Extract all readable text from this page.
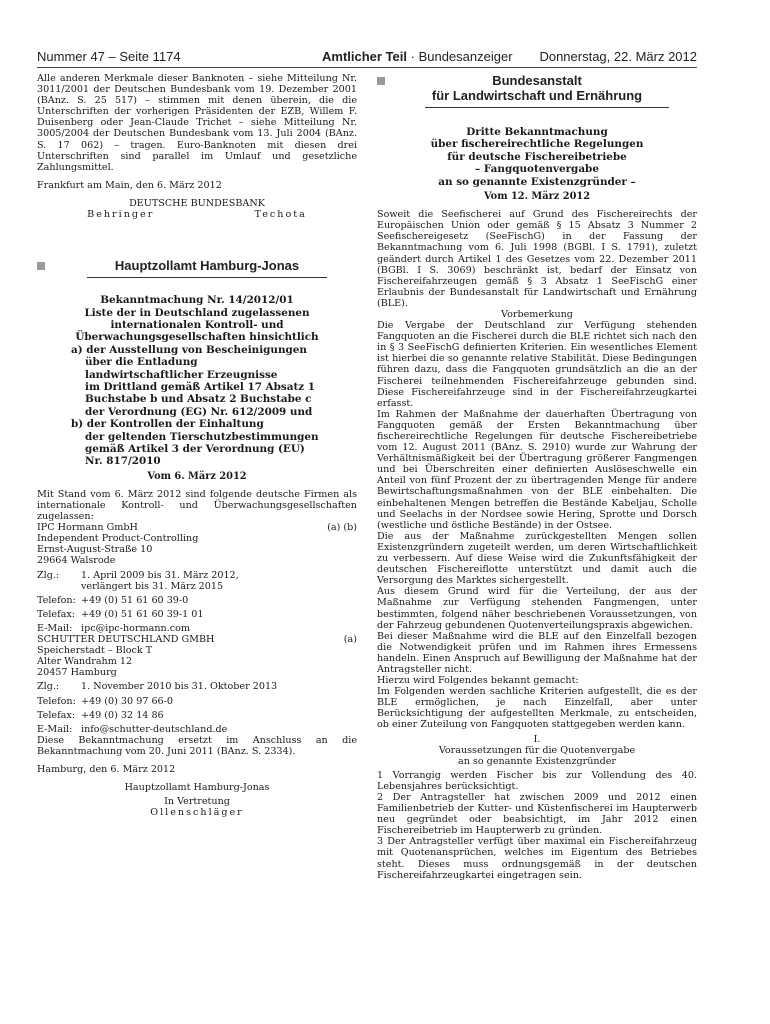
Nummer 47 – Seite 1174	Amtlicher Teil · Bundesanzeiger Donnerstag, 22. März 2012

Alle anderen Merkmale dieser Banknoten – siehe Mitteilung Nr. 3011/2001 der Deutschen Bundesbank vom 19. Dezember 2001 (BAnz. S. 25 517) – stimmen mit denen überein, die die Unterschriften der vorherigen Präsidenten der EZB, Willem F. Duisenberg oder Jean-Claude Trichet – siehe Mitteilung Nr. 3005/2004 der Deutschen Bundesbank vom 13. Juli 2004 (BAnz. S. 17 062) – tragen. Euro-Banknoten mit diesen drei Unterschriften sind parallel im Umlauf und gesetzliche Zahlungsmittel.

Frankfurt am Main, den 6. März 2012

DEUTSCHE BUNDESBANK

Behringer	Techota
Hauptzollamt Hamburg-Jonas
Bekanntmachung Nr. 14/2012/01
Liste der in Deutschland zugelassenen
internationalen Kontroll- und
Überwachungsgesellschaften hinsichtlich
a) der Ausstellung von Bescheinigungen
über die Entladung
landwirtschaftlicher Erzeugnisse
im Drittland gemäß Artikel 17 Absatz 1
Buchstabe b und Absatz 2 Buchstabe c
der Verordnung (EG) Nr. 612/2009 und
b) der Kontrollen der Einhaltung
der geltenden Tierschutzbestimmungen
gemäß Artikel 3 der Verordnung (EU)
Nr. 817/2010

Vom 6. März 2012

Mit Stand vom 6. März 2012 sind folgende deutsche Firmen als internationale Kontroll- und Überwachungsgesellschaften zugelassen:

IPC Hormann GmbH	(a) (b)
Independent Product-Controlling
Ernst-August-Straße 10
29664 Walsrode
Zlg.:	1. April 2009 bis 31. März 2012,
verlängert bis 31. März 2015
Telefon: +49 (0) 51 61 60 39-0
Telefax: +49 (0) 51 61 60 39-1 01
E-Mail: ipc@ipc-hormann.com
SCHUTTER DEUTSCHLAND GMBH	(a)
Speicherstadt – Block T
Alter Wandrahm 12
20457 Hamburg
Zlg.:	1. November 2010 bis 31. Oktober 2013
Telefon: +49 (0) 30 97 66-0
Telefax: +49 (0) 32 14 86
E-Mail: info@schutter-deutschland.de

Diese Bekanntmachung ersetzt im Anschluss an die Bekanntmachung vom 20. Juni 2011 (BAnz. S. 2334).

Hamburg, den 6. März 2012

Hauptzollamt Hamburg-Jonas

In Vertretung

Ollenschläger

Bundesanstalt
für Landwirtschaft und Ernährung
Dritte Bekanntmachung
über fischereirechtliche Regelungen
für deutsche Fischereibetriebe
– Fangquotenvergabe
an so genannte Existenzgründer –

Vom 12. März 2012

Soweit die Seefischerei auf Grund des Fischereirechts der Europäischen Union oder gemäß § 15 Absatz 3 Nummer 2 Seefischereigesetz (SeeFischG) in der Fassung der Bekanntmachung vom 6. Juli 1998 (BGBl. I S. 1791), zuletzt geändert durch Artikel 1 des Gesetzes vom 22. Dezember 2011 (BGBl. I S. 3069) beschränkt ist, bedarf der Einsatz von Fischereifahrzeugen gemäß § 3 Absatz 1 SeeFischG einer Erlaubnis der Bundesanstalt für Landwirtschaft und Ernährung (BLE).

Vorbemerkung

Die Vergabe der Deutschland zur Verfügung stehenden Fangquoten an die Fischerei durch die BLE richtet sich nach den in § 3 SeeFischG definierten Kriterien. Ein wesentliches Element ist hierbei die so genannte relative Stabilität. Diese Bedingungen führen dazu, dass die Fangquoten grundsätzlich an die an der Fischerei teilnehmenden Fischereifahrzeuge gebunden sind. Diese Fischereifahrzeuge sind in der Fischereifahrzeugkartei erfasst.

Im Rahmen der Maßnahme der dauerhaften Übertragung von Fangquoten gemäß der Ersten Bekanntmachung über fischereirechtliche Regelungen für deutsche Fischereibetriebe vom 12. August 2011 (BAnz. S. 2910) wurde zur Wahrung der Verhältnismäßigkeit bei der Übertragung größerer Fangmengen und bei Überschreiten einer definierten Auslöseschwelle ein Anteil von fünf Prozent der zu übertragenden Menge für andere Bewirtschaftungsmaßnahmen von der BLE einbehalten. Die einbehaltenen Mengen betreffen die Bestände Kabeljau, Scholle und Seelachs in der Nordsee sowie Hering, Sprotte und Dorsch (westliche und östliche Bestände) in der Ostsee.

Die aus der Maßnahme zurückgestellten Mengen sollen Existenzgründern zugeteilt werden, um deren Wirtschaftlichkeit zu verbessern. Auf diese Weise wird die Zukunftsfähigkeit der deutschen Fischereiflotte unterstützt und damit auch die Versorgung des Marktes sichergestellt.

Aus diesem Grund wird für die Verteilung, der aus der Maßnahme zur Verfügung stehenden Fangmengen, unter bestimmten, folgend näher beschriebenen Voraussetzungen, von der Fahrzeug gebundenen Quotenverteilungspraxis abgewichen.

Bei dieser Maßnahme wird die BLE auf den Einzelfall bezogen die Notwendigkeit prüfen und im Rahmen ihres Ermessens handeln. Einen Anspruch auf Bewilligung der Maßnahme hat der Antragsteller nicht.

Hierzu wird Folgendes bekannt gemacht:

Im Folgenden werden sachliche Kriterien aufgestellt, die es der BLE ermöglichen, je nach Einzelfall, aber unter Berücksichtigung der aufgestellten Merkmale, zu entscheiden, ob einer Zuteilung von Fangquoten stattgegeben werden kann.

I.

Voraussetzungen für die Quotenvergabe

an so genannte Existenzgründer

1 Vorrangig werden Fischer bis zur Vollendung des 40. Lebensjahres berücksichtigt.

2 Der Antragsteller hat zwischen 2009 und 2012 einen Familienbetrieb der Kutter- und Küstenfischerei im Haupterwerb neu gegründet oder beabsichtigt, im Jahr 2012 einen Fischereibetrieb im Haupterwerb zu gründen.

3 Der Antragsteller verfügt über maximal ein Fischereifahrzeug mit Quotenansprüchen, welches im Eigentum des Betriebes steht. Dieses muss ordnungsgemäß in der deutschen Fischereifahrzeugkartei eingetragen sein.
